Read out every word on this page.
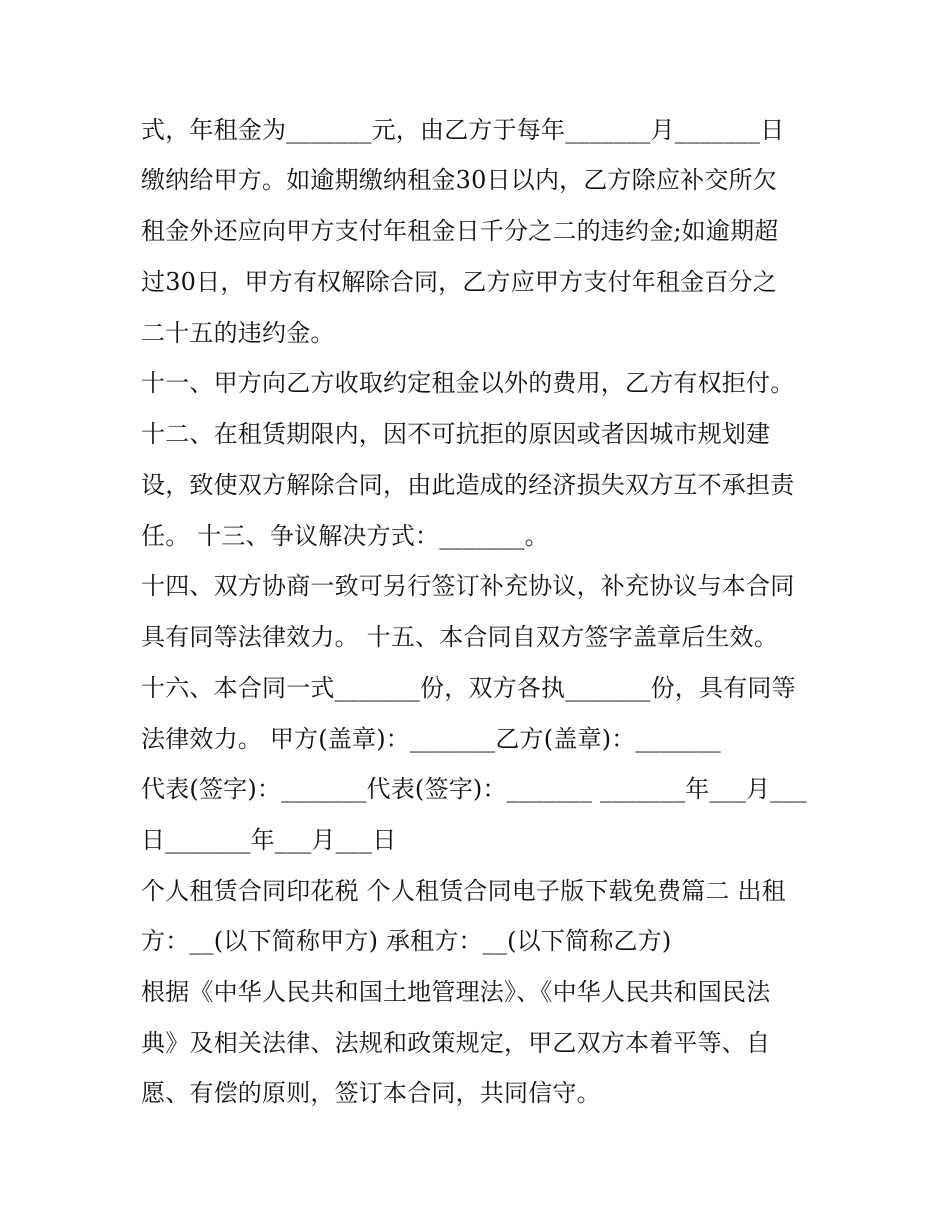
式，年租金为_______元，由乙方于每年_______月_______日
缴纳给甲方。如逾期缴纳租金30日以内，乙方除应补交所欠
租金外还应向甲方支付年租金日千分之二的违约金;如逾期超
过30日，甲方有权解除合同，乙方应甲方支付年租金百分之
二十五的违约金。
十一、甲方向乙方收取约定租金以外的费用，乙方有权拒付。
十二、在租赁期限内，因不可抗拒的原因或者因城市规划建
设，致使双方解除合同，由此造成的经济损失双方互不承担责
任。 十三、争议解决方式：_______。
十四、双方协商一致可另行签订补充协议，补充协议与本合同
具有同等法律效力。 十五、本合同自双方签字盖章后生效。
十六、本合同一式_______份，双方各执_______份，具有同等
法律效力。 甲方(盖章)：_______乙方(盖章)：_______
代表(签字)：_______代表(签字)：_______ _______年___月___
日_______年___月___日
个人租赁合同印花税 个人租赁合同电子版下载免费篇二 出租
方：__(以下简称甲方) 承租方：__(以下简称乙方)
根据《中华人民共和国土地管理法》、《中华人民共和国民法
典》及相关法律、法规和政策规定，甲乙双方本着平等、自
愿、有偿的原则，签订本合同，共同信守。
